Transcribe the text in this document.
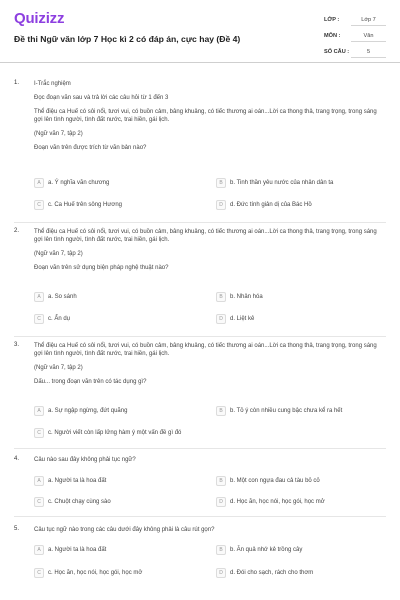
Quizizz
Đề thi Ngữ văn lớp 7 Học kì 2 có đáp án, cực hay (Đề 4)
LỚP :	Lớp 7
MÔN :	Văn
SỐ CÂU :	5
1. I-Trắc nghiệm

Đọc đoạn văn sau và trả lời các câu hỏi từ 1 đến 3

Thể điệu ca Huế có sôi nổi, tươi vui, có buồn cảm, bâng khuâng, có tiếc thương ai oán...Lời ca thong thả, trang trọng, trong sáng gợi lên tình người, tình đất nước, trai hiền, gái lịch.

(Ngữ văn 7, tập 2)

Đoạn văn trên được trích từ văn bản nào?

A	a. Ý nghĩa văn chương	B	b. Tinh thần yêu nước của nhân dân ta
C	c. Ca Huế trên sông Hương	D	d. Đức tính giản dị của Bác Hồ
2. Thể điệu ca Huế có sôi nổi, tươi vui, có buồn cảm, bâng khuâng, có tiếc thương ai oán...Lời ca thong thả, trang trọng, trong sáng gợi lên tình người, tình đất nước, trai hiền, gái lịch.

(Ngữ văn 7, tập 2)

Đoạn văn trên sử dụng biện pháp nghệ thuật nào?

A	a. So sánh	B	b. Nhân hóa
C	c. Ẩn dụ	D	d. Liệt kê
3. Thể điệu ca Huế có sôi nổi, tươi vui, có buồn cảm, bâng khuâng, có tiếc thương ai oán...Lời ca thong thả, trang trọng, trong sáng gợi lên tình người, tình đất nước, trai hiền, gái lịch.

(Ngữ văn 7, tập 2)

Dấu... trong đoạn văn trên có tác dụng gì?

A	a. Sự ngập ngừng, đứt quãng	B	b. Tỏ ý còn nhiều cung bậc chưa kể ra hết
C	c. Người viết còn lấp lửng hàm ý một vấn đề gì đó
4. Câu nào sau đây không phải tục ngữ?

A	a. Người ta là hoa đất	B	b. Một con ngựa đau cả tàu bỏ cỏ
C	c. Chuột chạy cùng sào	D	d. Học ăn, học nói, học gói, học mở
5. Câu tục ngữ nào trong các câu dưới đây không phải là câu rút gọn?

A	a. Người ta là hoa đất	B	b. Ăn quả nhớ kẻ trồng cây
C	c. Học ăn, học nói, học gói, học mở	D	d. Đói cho sạch, rách cho thơm
